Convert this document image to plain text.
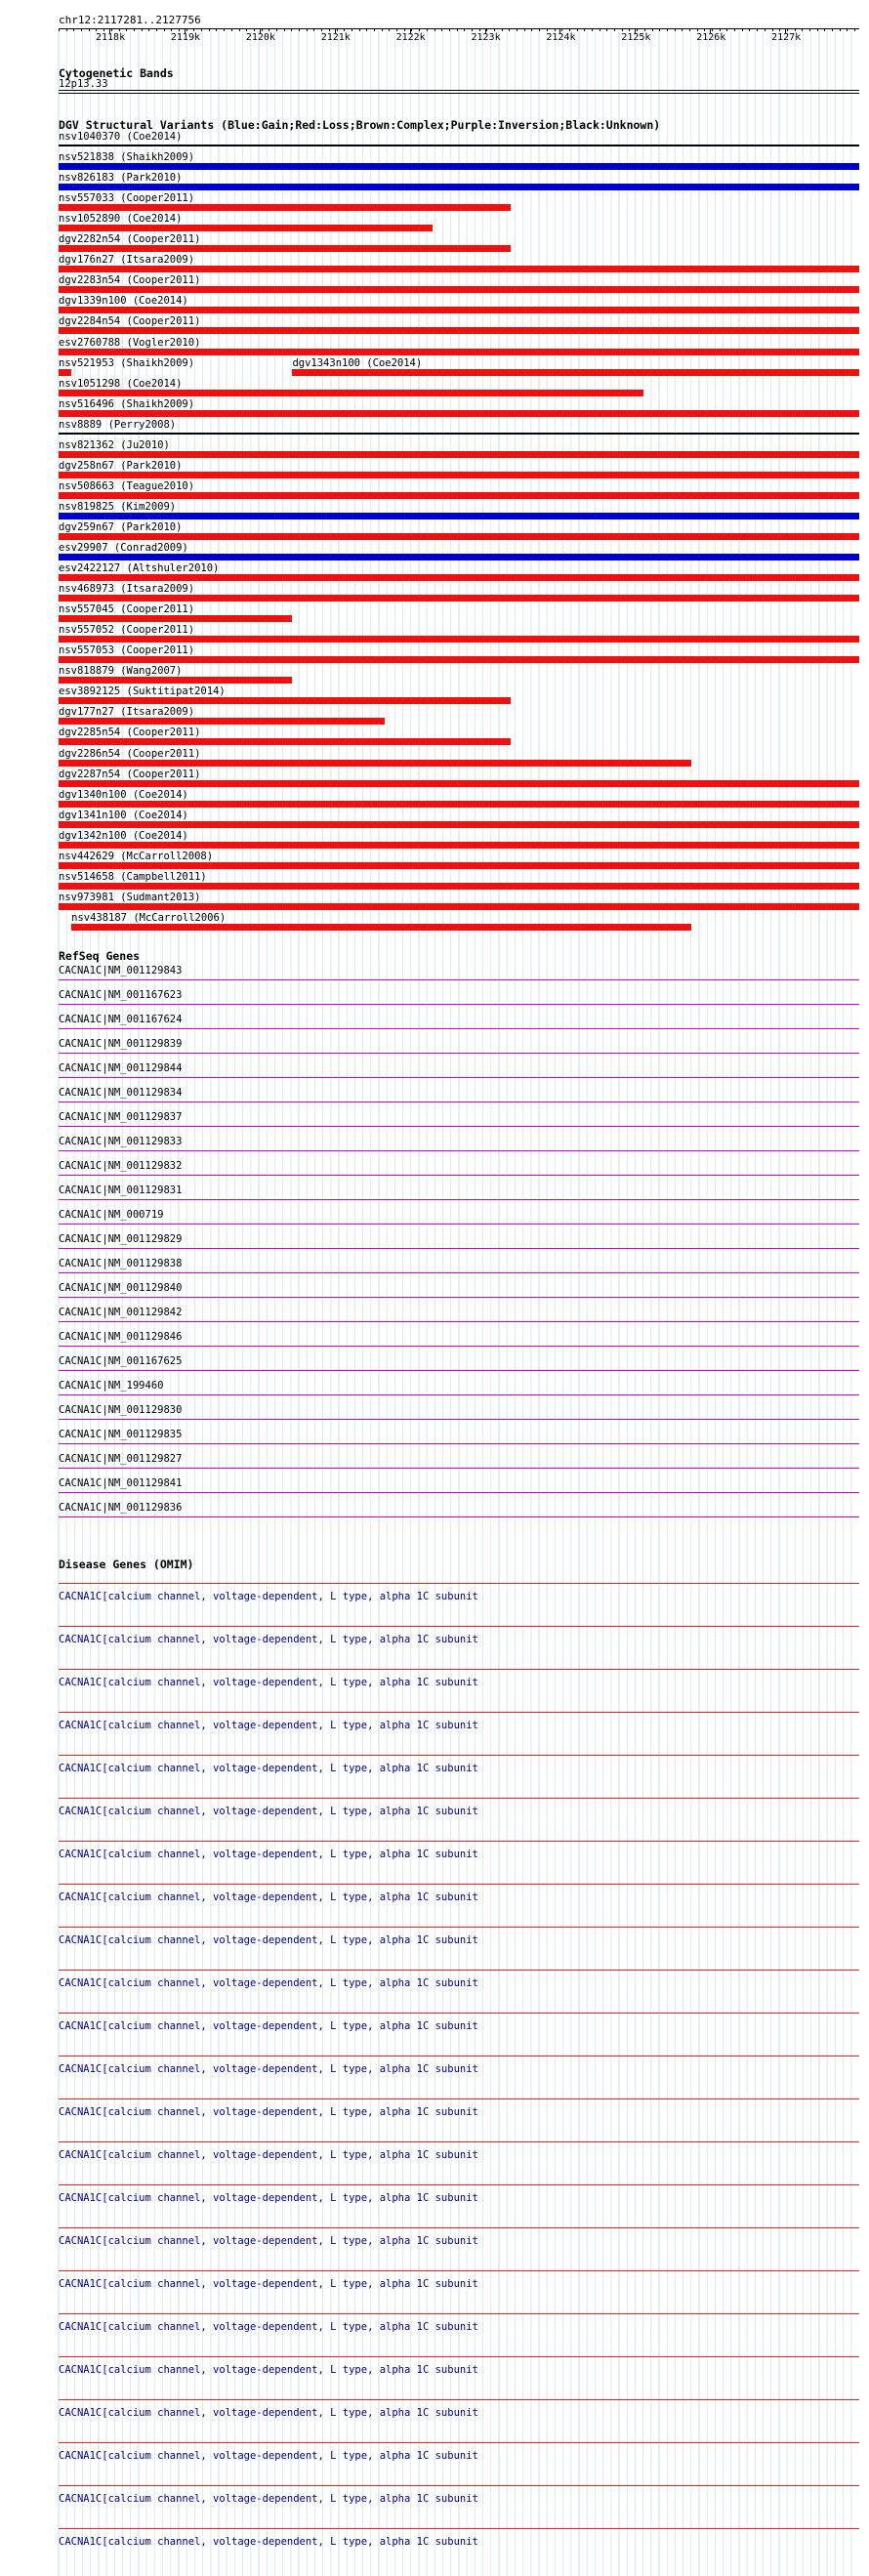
chr12:2117281..2127756
2118k	2119k	2120k	2121k	2122k	2123k	2124k	2125k	2126k	2127k
Cytogenetic Bands
12p13.33
DGV Structural Variants (Blue:Gain;Red:Loss;Brown:Complex;Purple:Inversion;Black:Unknown)
nsv1040370 (Coe2014)
nsv521838 (Shaikh2009)
nsv826183 (Park2010)
nsv557033 (Cooper2011)
nsv1052890 (Coe2014)
dgv2282n54 (Cooper2011)
dgv176n27 (Itsara2009)
dgv2283n54 (Cooper2011)
dgv1339n100 (Coe2014)
dgv2284n54 (Cooper2011)
esv2760788 (Vogler2010)
nsv521953 (Shaikh2009)	dgv1343n100 (Coe2014)
nsv1051298 (Coe2014)
nsv516496 (Shaikh2009)
nsv8889 (Perry2008)
nsv821362 (Ju2010)
dgv258n67 (Park2010)
nsv508663 (Teague2010)
nsv819825 (Kim2009)
dgv259n67 (Park2010)
esv29907 (Conrad2009)
esv2422127 (Altshuler2010)
nsv468973 (Itsara2009)
nsv557045 (Cooper2011)
nsv557052 (Cooper2011)
nsv557053 (Cooper2011)
nsv818879 (Wang2007)
esv3892125 (Suktitipat2014)
dgv177n27 (Itsara2009)
dgv2285n54 (Cooper2011)
dgv2286n54 (Cooper2011)
dgv2287n54 (Cooper2011)
dgv1340n100 (Coe2014)
dgv1341n100 (Coe2014)
dgv1342n100 (Coe2014)
nsv442629 (McCarroll2008)
nsv514658 (Campbell2011)
nsv973981 (Sudmant2013)
nsv438187 (McCarroll2006)
RefSeq Genes
CACNA1C|NM_001129843
CACNA1C|NM_001167623
CACNA1C|NM_001167624
CACNA1C|NM_001129839
CACNA1C|NM_001129844
CACNA1C|NM_001129834
CACNA1C|NM_001129837
CACNA1C|NM_001129833
CACNA1C|NM_001129832
CACNA1C|NM_001129831
CACNA1C|NM_000719
CACNA1C|NM_001129829
CACNA1C|NM_001129838
CACNA1C|NM_001129840
CACNA1C|NM_001129842
CACNA1C|NM_001129846
CACNA1C|NM_001167625
CACNA1C|NM_199460
CACNA1C|NM_001129830
CACNA1C|NM_001129835
CACNA1C|NM_001129827
CACNA1C|NM_001129841
CACNA1C|NM_001129836
Disease Genes (OMIM)
CACNA1C[calcium channel, voltage-dependent, L type, alpha 1C subunit
CACNA1C[calcium channel, voltage-dependent, L type, alpha 1C subunit
CACNA1C[calcium channel, voltage-dependent, L type, alpha 1C subunit
CACNA1C[calcium channel, voltage-dependent, L type, alpha 1C subunit
CACNA1C[calcium channel, voltage-dependent, L type, alpha 1C subunit
CACNA1C[calcium channel, voltage-dependent, L type, alpha 1C subunit
CACNA1C[calcium channel, voltage-dependent, L type, alpha 1C subunit
CACNA1C[calcium channel, voltage-dependent, L type, alpha 1C subunit
CACNA1C[calcium channel, voltage-dependent, L type, alpha 1C subunit
CACNA1C[calcium channel, voltage-dependent, L type, alpha 1C subunit
CACNA1C[calcium channel, voltage-dependent, L type, alpha 1C subunit
CACNA1C[calcium channel, voltage-dependent, L type, alpha 1C subunit
CACNA1C[calcium channel, voltage-dependent, L type, alpha 1C subunit
CACNA1C[calcium channel, voltage-dependent, L type, alpha 1C subunit
CACNA1C[calcium channel, voltage-dependent, L type, alpha 1C subunit
CACNA1C[calcium channel, voltage-dependent, L type, alpha 1C subunit
CACNA1C[calcium channel, voltage-dependent, L type, alpha 1C subunit
CACNA1C[calcium channel, voltage-dependent, L type, alpha 1C subunit
CACNA1C[calcium channel, voltage-dependent, L type, alpha 1C subunit
CACNA1C[calcium channel, voltage-dependent, L type, alpha 1C subunit
CACNA1C[calcium channel, voltage-dependent, L type, alpha 1C subunit
CACNA1C[calcium channel, voltage-dependent, L type, alpha 1C subunit
CACNA1C[calcium channel, voltage-dependent, L type, alpha 1C subunit
